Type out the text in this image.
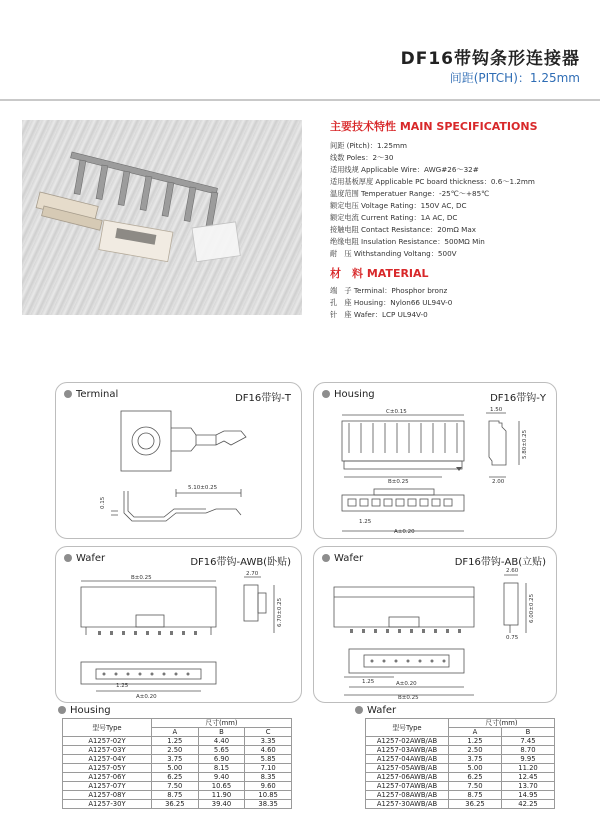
DF16带钩条形连接器
间距(PITCH)：1.25mm
主要技术特性 MAIN SPECIFICATIONS
间距 (Pitch)：1.25mm
线数 Poles：2～30
适用线规 Applicable Wire：AWG#26～32#
适用基板厚度 Applicable PC board thickness：0.6～1.2mm
温度范围 Temperatuer Range：-25℃～+85℃
额定电压 Voltage Rating：150V AC, DC
额定电流 Current Rating：1A AC, DC
接触电阻 Contact Resistance：20mΩ Max
绝缘电阻 Insulation Resistance：500MΩ Min
耐　压 Withstanding Voltang：500V
材　料 MATERIAL
端　子 Terminal：Phosphor bronz
孔　座 Housing：Nylon66 UL94V-0
针　座 Wafer：LCP UL94V-0
Terminal	DF16带钩-T
5.10±0.25
0.15
Housing	DF16带钩-Y
C±0.15
B±0.25
1.25
A±0.20
1.50
5.80±0.25
2.00
Wafer	DF16带钩-AWB(卧贴)
B±0.25
2.70
6.70±0.25
1.25
A±0.20
Wafer	DF16带钩-AB(立贴)
2.60
6.00±0.25
0.75
1.25	A±0.20
B±0.25
Housing
型号Type	尺寸(mm)		
	A	B	C
A1257-02Y	1.25	4.40	3.35
A1257-03Y	2.50	5.65	4.60
A1257-04Y	3.75	6.90	5.85
A1257-05Y	5.00	8.15	7.10
A1257-06Y	6.25	9.40	8.35
A1257-07Y	7.50	10.65	9.60
A1257-08Y	8.75	11.90	10.85
A1257-30Y	36.25	39.40	38.35
Wafer
型号Type	尺寸(mm)	
	A	B
A1257-02AWB/AB	1.25	7.45
A1257-03AWB/AB	2.50	8.70
A1257-04AWB/AB	3.75	9.95
A1257-05AWB/AB	5.00	11.20
A1257-06AWB/AB	6.25	12.45
A1257-07AWB/AB	7.50	13.70
A1257-08AWB/AB	8.75	14.95
A1257-30AWB/AB	36.25	42.25
